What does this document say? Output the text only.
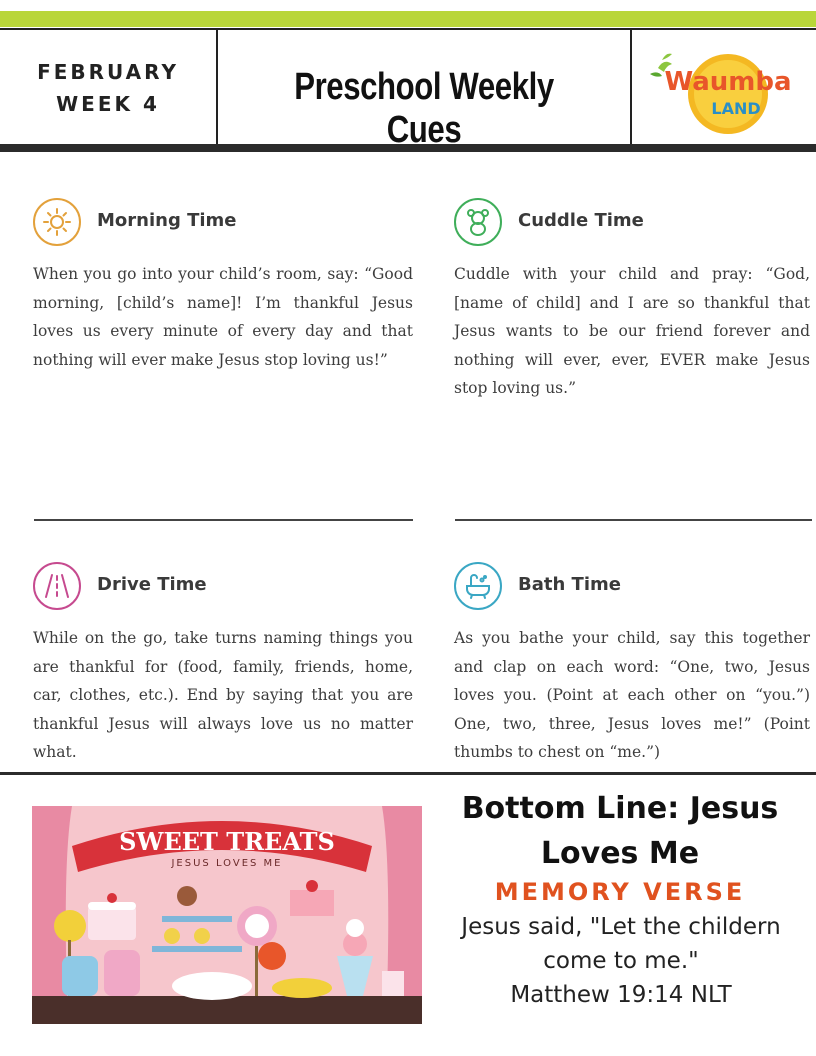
FEBRUARY
WEEK 4	Preschool Weekly Cues
Waumba
LAND
Morning Time
When you go into your child’s room, say: “Good morning, [child’s name]! I’m thankful Jesus loves us every minute of every day and that nothing will ever make Jesus stop loving us!”
Cuddle Time
Cuddle with your child and pray: “God, [name of child] and I are so thankful that Jesus wants to be our friend forever and nothing will ever, ever, EVER make Jesus stop loving us.”
Drive Time
While on the go, take turns naming things you are thankful for (food, family, friends, home, car, clothes, etc.). End by saying that you are thankful Jesus will always love us no matter what.
Bath Time
As you bathe your child, say this together and clap on each word: “One, two, Jesus loves you. (Point at each other on “you.”) One, two, three, Jesus loves me!” (Point thumbs to chest on “me.”)
SWEET TREATS
JESUS LOVES ME
Bottom Line: Jesus Loves Me
MEMORY VERSE
Jesus said, "Let the childern come to me."
Matthew 19:14 NLT
